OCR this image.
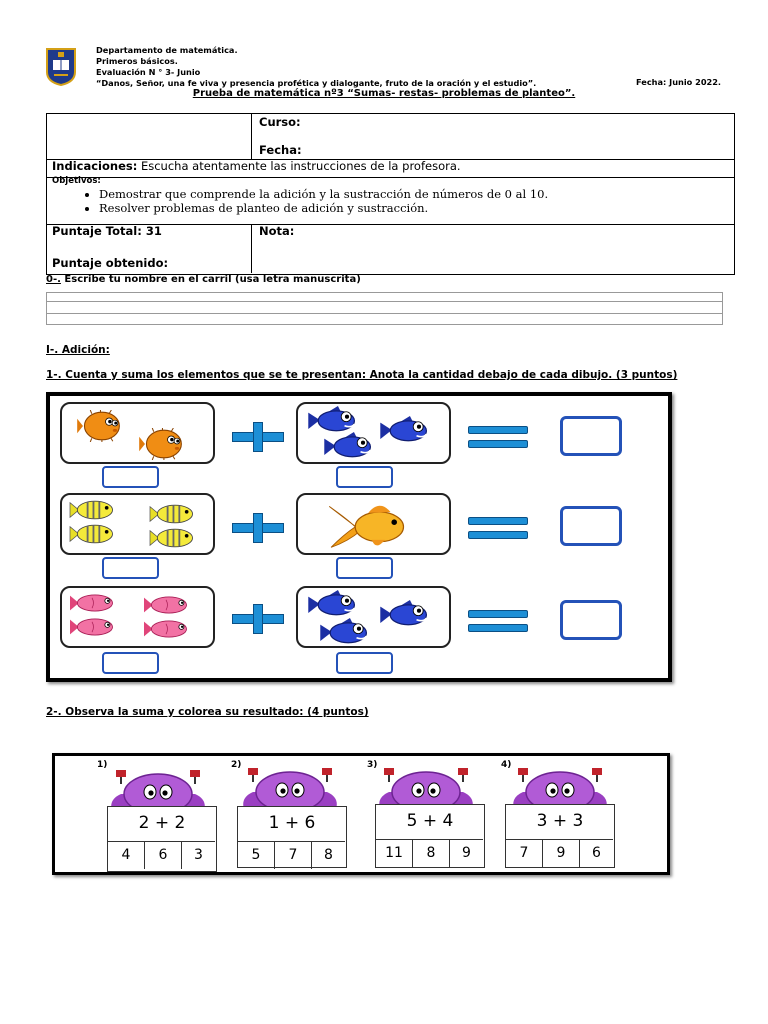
Departamento de matemática.
Primeros básicos.
Evaluación N ° 3- Junio
“Danos, Señor, una fe viva y presencia profética y dialogante, fruto de la oración y el estudio”.	Fecha: Junio 2022.
Prueba de matemática nº3 “Sumas- restas- problemas de planteo”.
Curso:
Fecha:
Indicaciones: Escucha atentamente las instrucciones de la profesora.
Objetivos:
• Demostrar que comprende la adición y la sustracción de números de 0 al 10.
• Resolver problemas de planteo de adición y sustracción.
Puntaje Total: 31
Puntaje obtenido:
Nota:
0-. Escribe tu nombre en el carril (usa letra manuscrita)
I-. Adición:
1-. Cuenta y suma los elementos que se te presentan: Anota la cantidad debajo de cada dibujo. (3 puntos)
2-. Observa la suma y colorea su resultado: (4 puntos)
1)
2 + 2
4	6	3
2)
1 + 6
5	7	8
3)
5 + 4
11	8	9
4)
3 + 3
7	9	6
